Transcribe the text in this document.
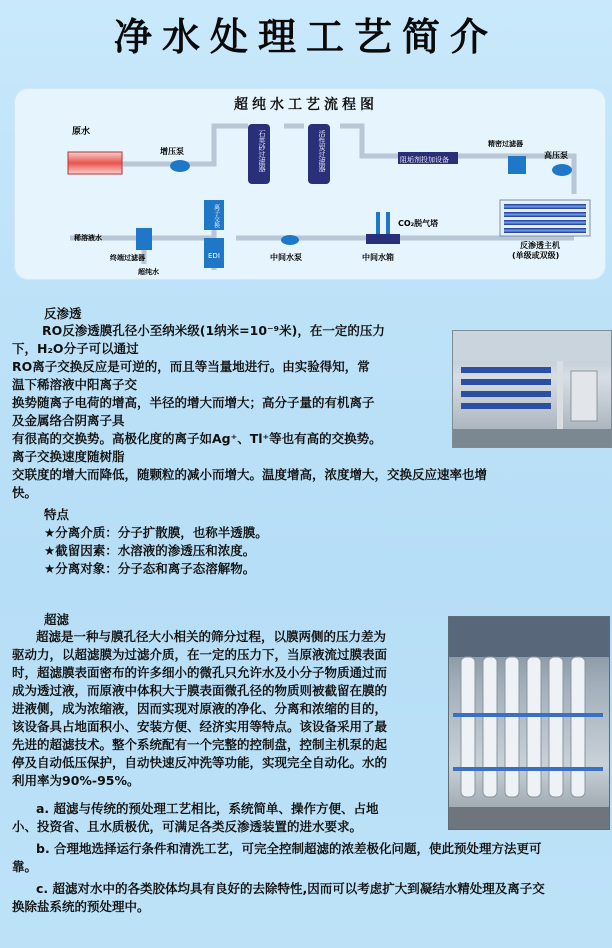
净水处理工艺简介
超纯水工艺流程图
原水
增压泵	石英砂过滤器	活性炭过滤器	阻垢剂投加设备
精密过滤器
高压泵
反渗透主机
(单级或双级)
CO₂脱气塔
中间水箱
中间水泵
离子交换
EDI
终端过滤器
稀溶液水
超纯水
反渗透
RO反渗透膜孔径小至纳米级(1纳米=10⁻⁹米)，在一定的压力
下，H₂O分子可以通过
RO离子交换反应是可逆的，而且等当量地进行。由实验得知，常
温下稀溶液中阳离子交
换势随离子电荷的增高，半径的增大而增大；高分子量的有机离子
及金属络合阴离子具
有很高的交换势。高极化度的离子如Ag⁺、Tl⁺等也有高的交换势。
离子交换速度随树脂
交联度的增大而降低，随颗粒的减小而增大。温度增高，浓度增大，交换反应速率也增
快。
特点
★分离介质：分子扩散膜，也称半透膜。
★截留因素：水溶液的渗透压和浓度。
★分离对象：分子态和离子态溶解物。
超滤
超滤是一种与膜孔径大小相关的筛分过程，以膜两侧的压力差为
驱动力，以超滤膜为过滤介质，在一定的压力下，当原液流过膜表面
时，超滤膜表面密布的许多细小的微孔只允许水及小分子物质通过而
成为透过液，而原液中体积大于膜表面微孔径的物质则被截留在膜的
进液侧，成为浓缩液，因而实现对原液的净化、分离和浓缩的目的，
该设备具占地面积小、安装方便、经济实用等特点。该设备采用了最
先进的超滤技术。整个系统配有一个完整的控制盘，控制主机泵的起
停及自动低压保护，自动快速反冲洗等功能，实现完全自动化。水的
利用率为90%-95%。
a. 超滤与传统的预处理工艺相比，系统简单、操作方便、占地
小、投资省、且水质极优，可满足各类反渗透装置的进水要求。
b. 合理地选择运行条件和清洗工艺，可完全控制超滤的浓差极化问题，使此预处理方法更可
靠。
c. 超滤对水中的各类胶体均具有良好的去除特性,因而可以考虑扩大到凝结水精处理及离子交
换除盐系统的预处理中。
